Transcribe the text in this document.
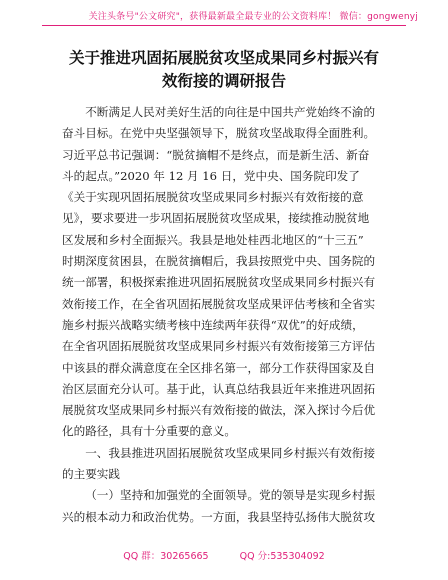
关注头条号"公文研究"，获得最新最全最专业的公文资料库！ 微信：gongwenyj
关于推进巩固拓展脱贫攻坚成果同乡村振兴有
效衔接的调研报告
不断满足人民对美好生活的向往是中国共产党始终不渝的
奋斗目标。在党中央坚强领导下，脱贫攻坚战取得全面胜利。
习近平总书记强调：“脱贫摘帽不是终点，而是新生活、新奋
斗的起点。”2020 年 12 月 16 日，党中央、国务院印发了
《关于实现巩固拓展脱贫攻坚成果同乡村振兴有效衔接的意
见》，要求要进一步巩固拓展脱贫攻坚成果，接续推动脱贫地
区发展和乡村全面振兴。我县是地处桂西北地区的“十三五”
时期深度贫困县，在脱贫摘帽后，我县按照党中央、国务院的
统一部署，积极探索推进巩固拓展脱贫攻坚成果同乡村振兴有
效衔接工作，在全省巩固拓展脱贫攻坚成果评估考核和全省实
施乡村振兴战略实绩考核中连续两年获得“双优”的好成绩，
在全省巩固拓展脱贫攻坚成果同乡村振兴有效衔接第三方评估
中该县的群众满意度在全区排名第一，部分工作获得国家及自
治区层面充分认可。基于此，认真总结我县近年来推进巩固拓
展脱贫攻坚成果同乡村振兴有效衔接的做法，深入探讨今后优
化的路径，具有十分重要的意义。
一、我县推进巩固拓展脱贫攻坚成果同乡村振兴有效衔接
的主要实践
（一）坚持和加强党的全面领导。党的领导是实现乡村振
兴的根本动力和政治优势。一方面，我县坚持弘扬伟大脱贫攻
QQ 群：30265665	QQ 分:535304092
